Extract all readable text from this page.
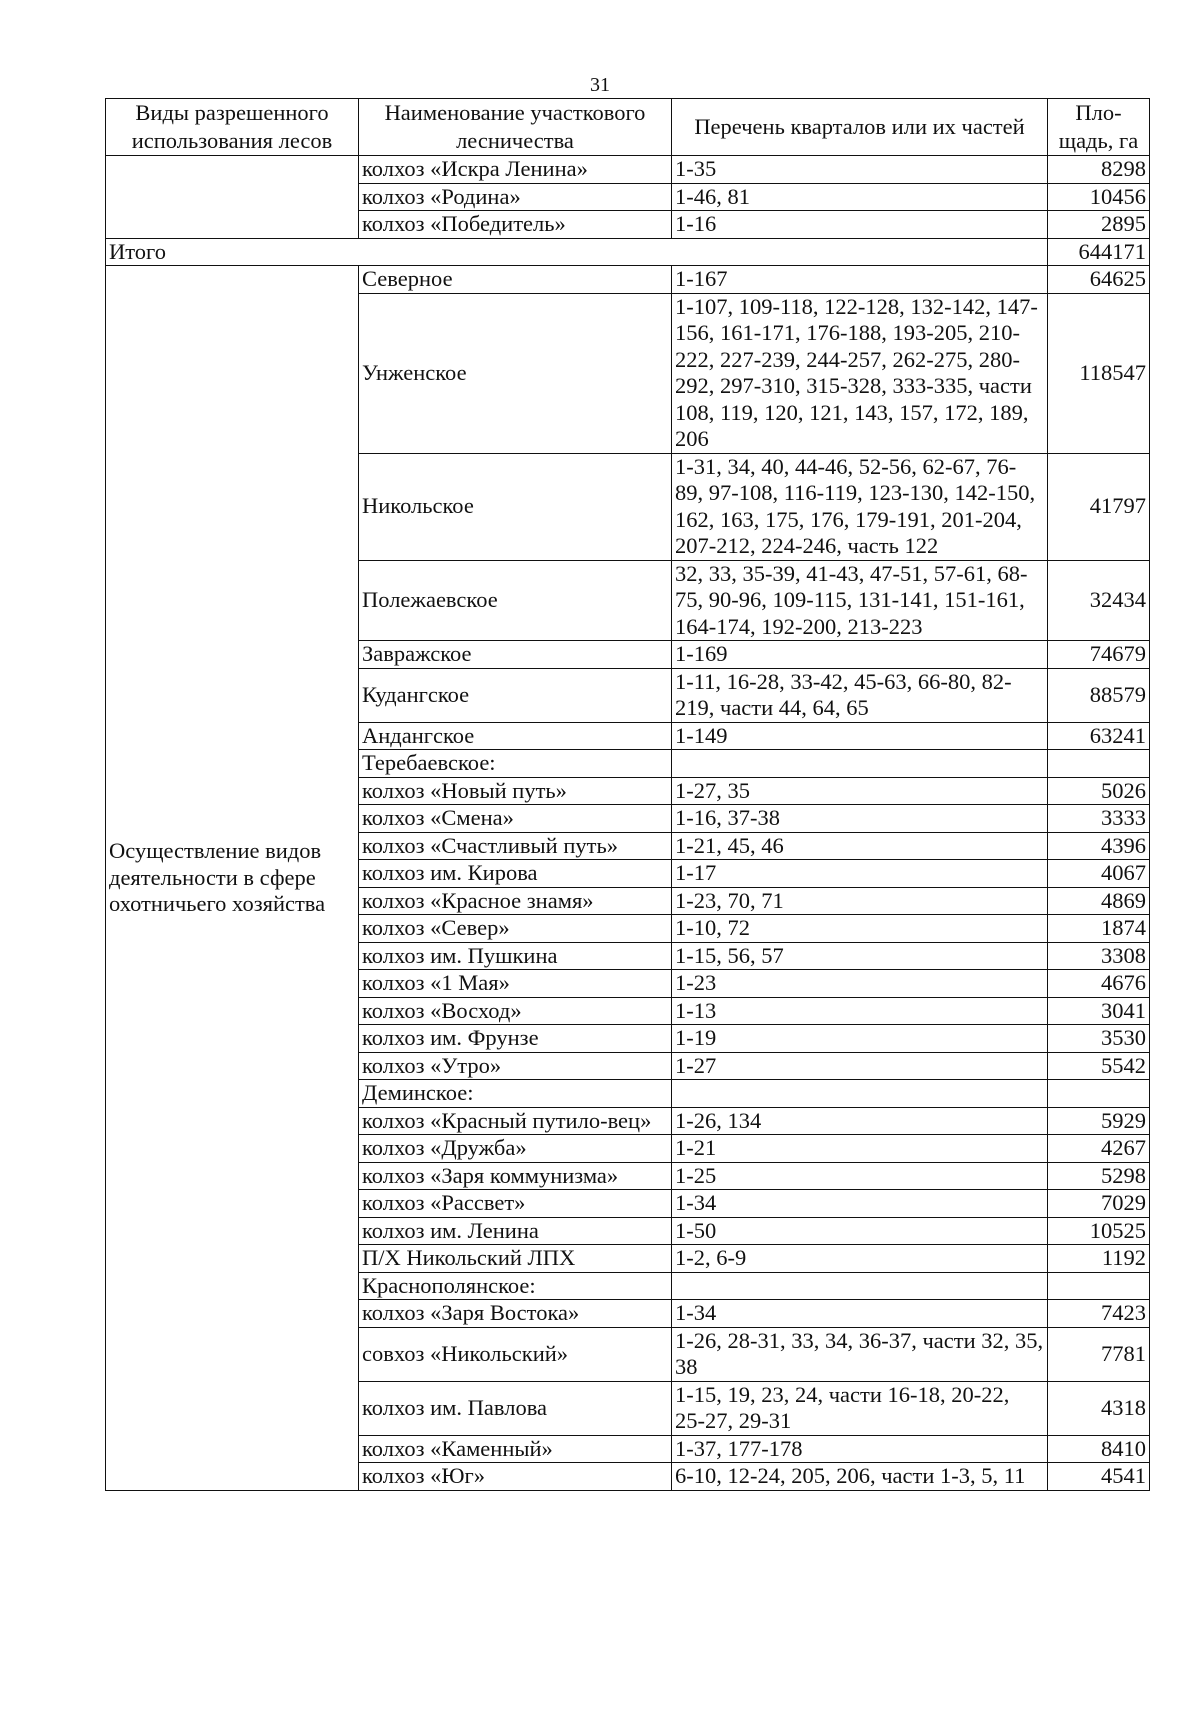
31
Виды разрешенного использования лесов	Наименование участкового лесничества	Перечень кварталов или их частей	Пло-щадь, га
	колхоз «Искра Ленина»	1-35	8298
	колхоз «Родина»	1-46, 81	10456
	колхоз «Победитель»	1-16	2895
Итого			644171
Осуществление видов деятельности в сфере охотничьего хозяйства	Северное	1-167	64625
	Унженское	1-107, 109-118, 122-128, 132-142, 147-156, 161-171, 176-188, 193-205, 210-222, 227-239, 244-257, 262-275, 280-292, 297-310, 315-328, 333-335, части 108, 119, 120, 121, 143, 157, 172, 189, 206	118547
	Никольское	1-31, 34, 40, 44-46, 52-56, 62-67, 76-89, 97-108, 116-119, 123-130, 142-150, 162, 163, 175, 176, 179-191, 201-204, 207-212, 224-246, часть 122	41797
	Полежаевское	32, 33, 35-39, 41-43, 47-51, 57-61, 68-75, 90-96, 109-115, 131-141, 151-161, 164-174, 192-200, 213-223	32434
	Завражское	1-169	74679
	Кудангское	1-11, 16-28, 33-42, 45-63, 66-80, 82-219, части 44, 64, 65	88579
	Андангское	1-149	63241
	Теребаевское:		
	колхоз «Новый путь»	1-27, 35	5026
	колхоз «Смена»	1-16, 37-38	3333
	колхоз «Счастливый путь»	1-21, 45, 46	4396
	колхоз им. Кирова	1-17	4067
	колхоз «Красное знамя»	1-23, 70, 71	4869
	колхоз «Север»	1-10, 72	1874
	колхоз им. Пушкина	1-15, 56, 57	3308
	колхоз «1 Мая»	1-23	4676
	колхоз «Восход»	1-13	3041
	колхоз им. Фрунзе	1-19	3530
	колхоз «Утро»	1-27	5542
	Деминское:		
	колхоз «Красный путило-вец»	1-26, 134	5929
	колхоз «Дружба»	1-21	4267
	колхоз «Заря коммунизма»	1-25	5298
	колхоз «Рассвет»	1-34	7029
	колхоз им. Ленина	1-50	10525
	П/Х Никольский ЛПХ	1-2, 6-9	1192
	Краснополянское:		
	колхоз «Заря Востока»	1-34	7423
	совхоз «Никольский»	1-26, 28-31, 33, 34, 36-37, части 32, 35, 38	7781
	колхоз им. Павлова	1-15, 19, 23, 24, части 16-18, 20-22, 25-27, 29-31	4318
	колхоз «Каменный»	1-37, 177-178	8410
	колхоз «Юг»	6-10, 12-24, 205, 206, части 1-3, 5, 11	4541
